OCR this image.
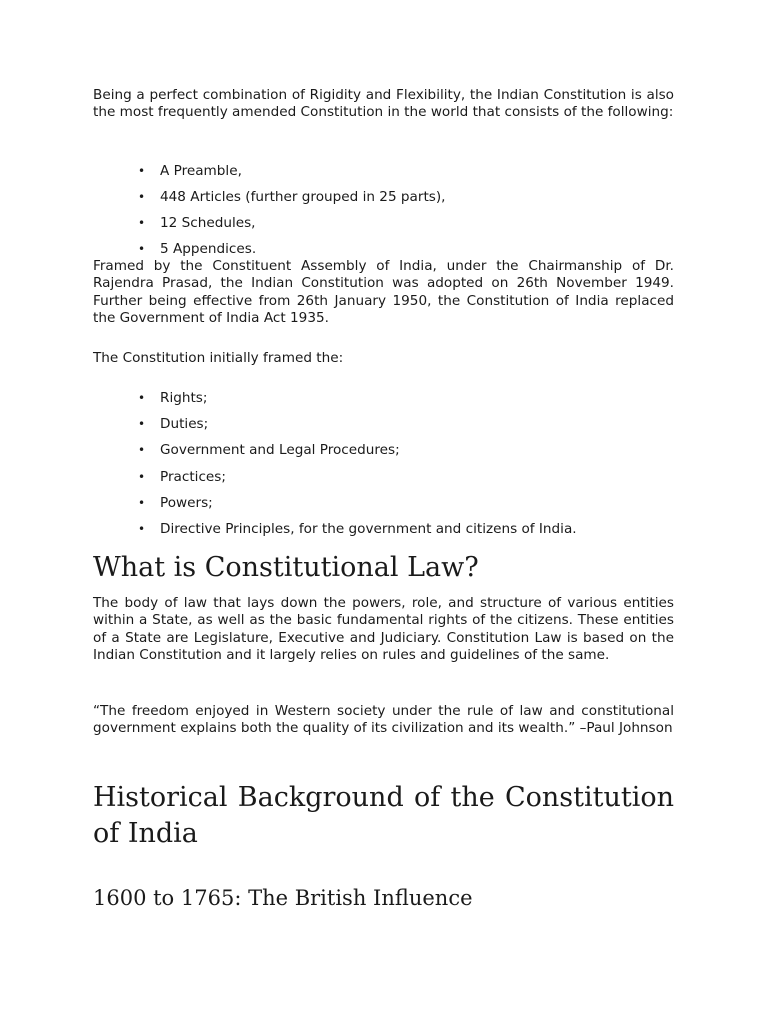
Being a perfect combination of Rigidity and Flexibility, the Indian Constitution is also the most frequently amended Constitution in the world that consists of the following:

• A Preamble,
• 448 Articles (further grouped in 25 parts),
• 12 Schedules,
• 5 Appendices.

Framed by the Constituent Assembly of India, under the Chairmanship of Dr. Rajendra Prasad, the Indian Constitution was adopted on 26th November 1949. Further being effective from 26th January 1950, the Constitution of India replaced the Government of India Act 1935.

The Constitution initially framed the:

• Rights;
• Duties;
• Government and Legal Procedures;
• Practices;
• Powers;
• Directive Principles, for the government and citizens of India.
What is Constitutional Law?

The body of law that lays down the powers, role, and structure of various entities within a State, as well as the basic fundamental rights of the citizens. These entities of a State are Legislature, Executive and Judiciary. Constitution Law is based on the Indian Constitution and it largely relies on rules and guidelines of the same.

“The freedom enjoyed in Western society under the rule of law and constitutional government explains both the quality of its civilization and its wealth.” –Paul Johnson

Historical Background of the Constitution of India
1600 to 1765: The British Influence
